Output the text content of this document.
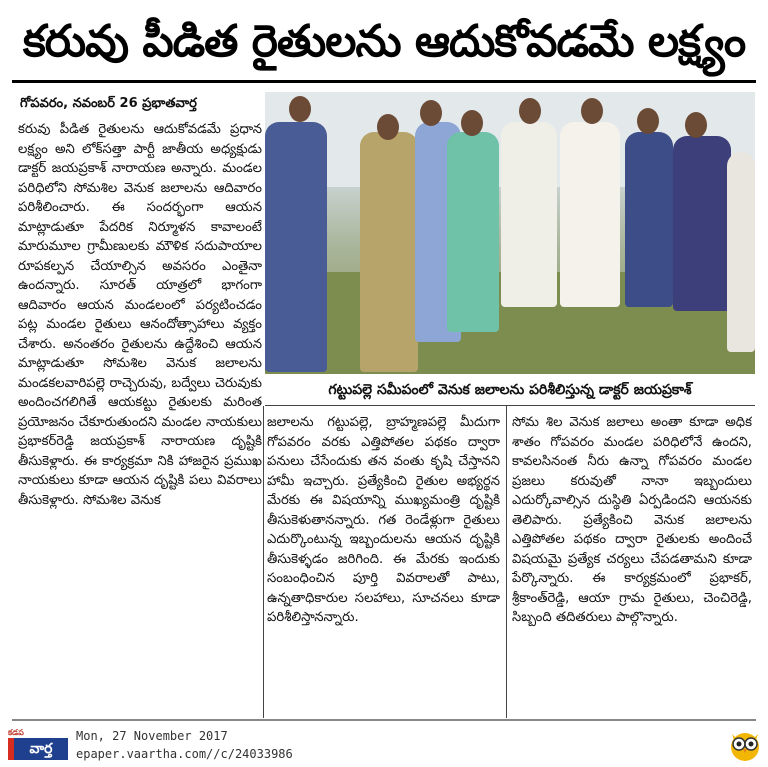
కరువు పీడిత రైతులను ఆదుకోవడమే లక్ష్యం
గోపవరం, నవంబర్ 26 ప్రభాతవార్త

కరువు పీడిత రైతులను ఆదుకోవడమే ప్రధాన లక్ష్యం అని లోక్‌సత్తా పార్టీ జాతీయ అధ్యక్షుడు డాక్టర్ జయప్రకాశ్ నారాయణ అన్నారు. మండల పరిధిలోని సోమశిల వెనుక జలాలను ఆదివారం పరిశీలించారు. ఈ సందర్భంగా ఆయన మాట్లాడుతూ పేదరిక నిర్మూళన కావాలంటే మారుమూల గ్రామీణులకు మౌళిక సదుపాయాల రూపకల్పన చేయాల్సిన అవసరం ఎంతైనా ఉందన్నారు. సూరత్ యాత్రలో భాగంగా ఆదివారం ఆయన మండలంలో పర్యటించడం పట్ల మండల రైతులు ఆనందోత్సాహాలు వ్యక్తం చేశారు. అనంతరం రైతులను ఉద్దేశించి ఆయన మాట్లాడుతూ సోమశిల వెనుక జలాలను మండకలవారిపల్లె రాచ్చెరువు, బద్వేలు చెరువుకు అందించగలిగితే ఆయకట్టు రైతులకు మరింత ప్రయోజనం చేకూరుతుందని మండల నాయకులు ప్రభాకర్‌రెడ్డి జయప్రకాశ్ నారాయణ దృష్టికి తీసుకెళ్లారు. ఈ కార్యక్రమా నికి హాజరైన ప్రముఖ నాయకులు కూడా ఆయన దృష్టికి పలు వివరాలు తీసుకెళ్లారు. సోమశిల వెనుక

గట్టుపల్లె సమీపంలో వెనుక జలాలను పరిశీలిస్తున్న డాక్టర్ జయప్రకాశ్

జలాలను గట్టుపల్లె, బ్రాహ్మణపల్లె మీదుగా గోపవరం వరకు ఎత్తిపోతల పథకం ద్వారా పనులు చేసేందుకు తన వంతు కృషి చేస్తానని హామీ ఇచ్చారు. ప్రత్యేకించి రైతుల అభ్యర్థన మేరకు ఈ విషయాన్ని ముఖ్యమంత్రి దృష్టికి తీసుకెళుతానన్నారు. గత రెండేళ్లుగా రైతులు ఎదుర్కొంటున్న ఇబ్బందులను ఆయన దృష్టికి తీసుకెళ్ళడం జరిగింది. ఈ మేరకు ఇందుకు సంబంధించిన పూర్తి వివరాలతో పాటు, ఉన్నతాధికారుల సలహాలు, సూచనలు కూడా పరిశీలిస్తానన్నారు.

సోమ శిల వెనుక జలాలు అంతా కూడా అధిక శాతం గోపవరం మండల పరిధిలోనే ఉందని, కావలసినంత నీరు ఉన్నా గోపవరం మండల ప్రజలు కరువుతో నానా ఇబ్బందులు ఎదుర్కోవాల్సిన దుస్థితి ఏర్పడిందని ఆయనకు తెలిపారు. ప్రత్యేకించి వెనుక జలాలను ఎత్తిపోతల పథకం ద్వారా రైతులకు అందించే విషయమై ప్రత్యేక చర్యలు చేపడతామని కూడా పేర్కొన్నారు. ఈ కార్యక్రమంలో ప్రభాకర్, శ్రీకాంత్‌రెడ్డి, ఆయా గ్రామ రైతులు, చెంచిరెడ్డి, సిబ్బంది తదితరులు పాల్గొన్నారు.

కడప
వార్త
Mon, 27 November 2017
epaper.vaartha.com//c/24033986
